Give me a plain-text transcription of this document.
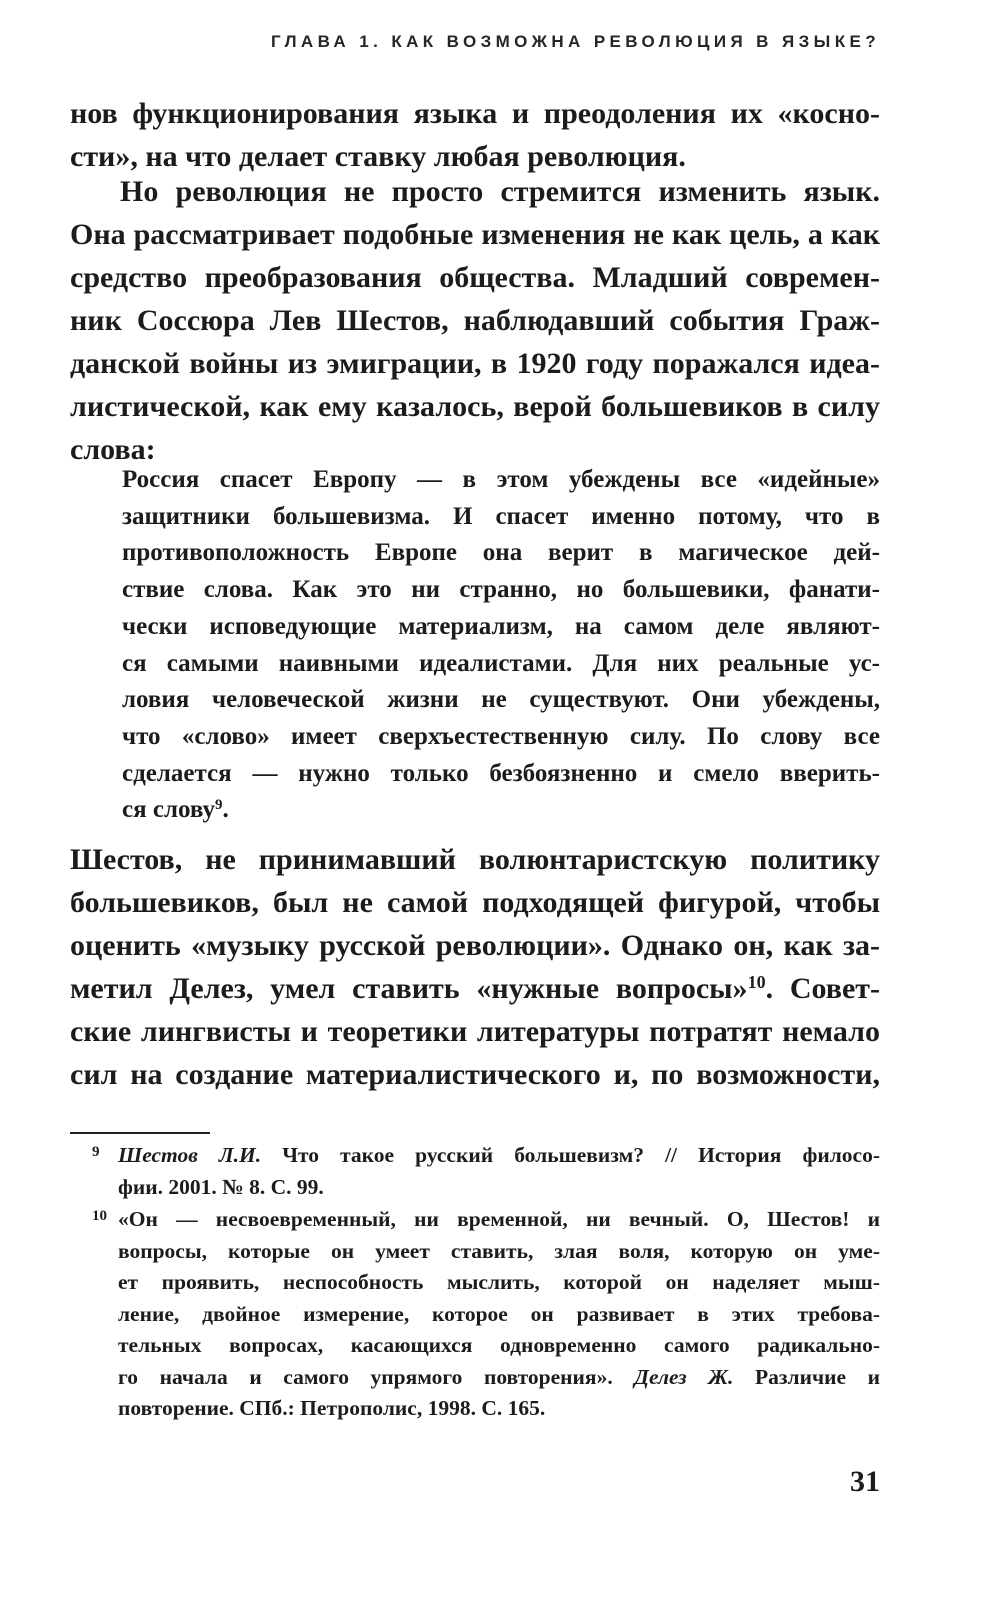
ГЛАВА 1. КАК ВОЗМОЖНА РЕВОЛЮЦИЯ В ЯЗЫКЕ?
нов функционирования языка и преодоления их «косно-
сти», на что делает ставку любая революция.
Но революция не просто стремится изменить язык.
Она рассматривает подобные изменения не как цель, а как
средство преобразования общества. Младший современ-
ник Соссюра Лев Шестов, наблюдавший события Граж-
данской войны из эмиграции, в 1920 году поражался идеа-
листической, как ему казалось, верой большевиков в силу
слова:
Россия спасет Европу — в этом убеждены все «идейные»
защитники большевизма. И спасет именно потому, что в
противоположность Европе она верит в магическое дей-
ствие слова. Как это ни странно, но большевики, фанати-
чески исповедующие материализм, на самом деле являют-
ся самыми наивными идеалистами. Для них реальные ус-
ловия человеческой жизни не существуют. Они убеждены,
что «слово» имеет сверхъестественную силу. По слову все
сделается — нужно только безбоязненно и смело вверить-
ся слову$^9$.
Шестов, не принимавший волюнтаристскую политику
большевиков, был не самой подходящей фигурой, чтобы
оценить «музыку русской революции». Однако он, как за-
метил Делез, умел ставить «нужные вопросы»$^{10}$. Совет-
ские лингвисты и теоретики литературы потратят немало
сил на создание материалистического и, по возможности,
9 Шестов Л.И. Что такое русский большевизм? // История филосо-
фии. 2001. № 8. С. 99.
10 «Он — несвоевременный, ни временной, ни вечный. О, Шестов! и
вопросы, которые он умеет ставить, злая воля, которую он уме-
ет проявить, неспособность мыслить, которой он наделяет мыш-
ление, двойное измерение, которое он развивает в этих требова-
тельных вопросах, касающихся одновременно самого радикально-
го начала и самого упрямого повторения». Делез Ж. Различие и
повторение. СПб.: Петрополис, 1998. С. 165.
31
